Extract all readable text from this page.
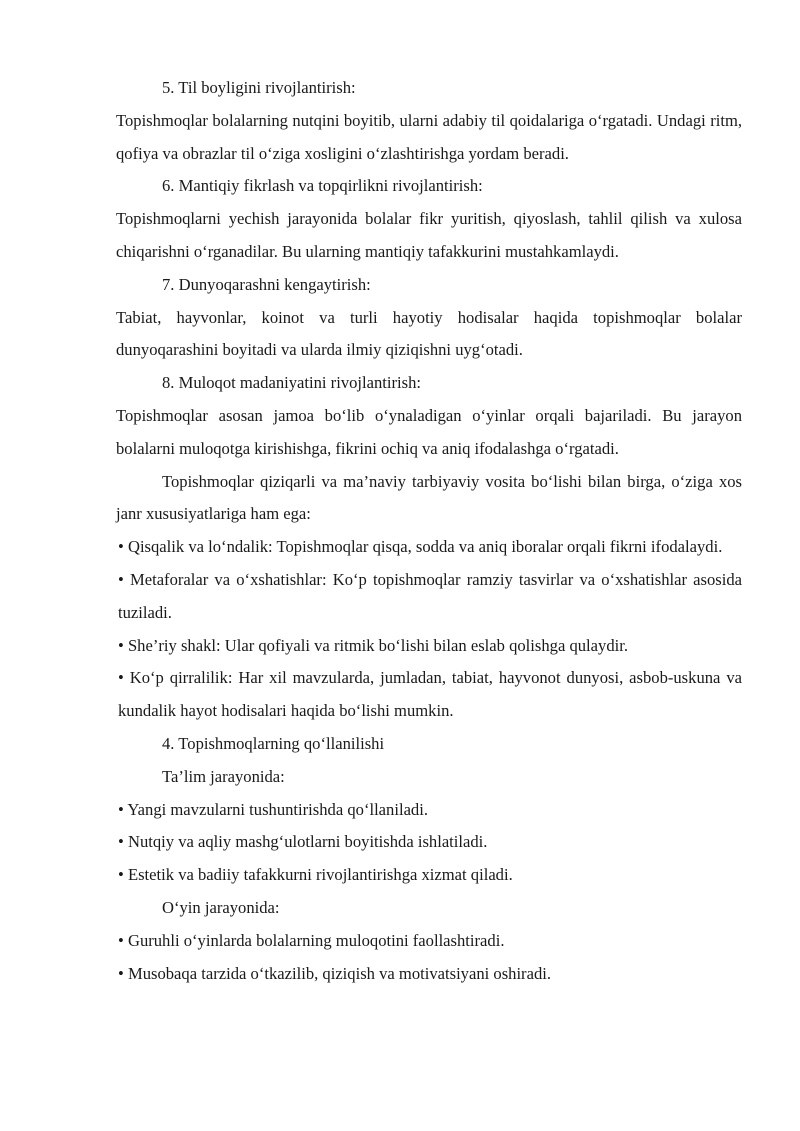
5. Til boyligini rivojlantirish:

Topishmoqlar bolalarning nutqini boyitib, ularni adabiy til qoidalariga o‘rgatadi. Undagi ritm, qofiya va obrazlar til o‘ziga xosligini o‘zlashtirishga yordam beradi.

6. Mantiqiy fikrlash va topqirlikni rivojlantirish:

Topishmoqlarni yechish jarayonida bolalar fikr yuritish, qiyoslash, tahlil qilish va xulosa chiqarishni o‘rganadilar. Bu ularning mantiqiy tafakkurini mustahkamlaydi.

7. Dunyoqarashni kengaytirish:

Tabiat, hayvonlar, koinot va turli hayotiy hodisalar haqida topishmoqlar bolalar dunyoqarashini boyitadi va ularda ilmiy qiziqishni uyg‘otadi.

8. Muloqot madaniyatini rivojlantirish:

Topishmoqlar asosan jamoa bo‘lib o‘ynaladigan o‘yinlar orqali bajariladi. Bu jarayon bolalarni muloqotga kirishishga, fikrini ochiq va aniq ifodalashga o‘rgatadi.

Topishmoqlar qiziqarli va ma’naviy tarbiyaviy vosita bo‘lishi bilan birga, o‘ziga xos janr xususiyatlariga ham ega:

• Qisqalik va lo‘ndalik: Topishmoqlar qisqa, sodda va aniq iboralar orqali fikrni ifodalaydi.

• Metaforalar va o‘xshatishlar: Ko‘p topishmoqlar ramziy tasvirlar va o‘xshatishlar asosida tuziladi.

• She’riy shakl: Ular qofiyali va ritmik bo‘lishi bilan eslab qolishga qulaydir.

• Ko‘p qirralilik: Har xil mavzularda, jumladan, tabiat, hayvonot dunyosi, asbob-uskuna va kundalik hayot hodisalari haqida bo‘lishi mumkin.

4. Topishmoqlarning qo‘llanilishi

Ta’lim jarayonida:

• Yangi mavzularni tushuntirishda qo‘llaniladi.

• Nutqiy va aqliy mashg‘ulotlarni boyitishda ishlatiladi.

• Estetik va badiiy tafakkurni rivojlantirishga xizmat qiladi.

O‘yin jarayonida:

• Guruhli o‘yinlarda bolalarning muloqotini faollashtiradi.

• Musobaqa tarzida o‘tkazilib, qiziqish va motivatsiyani oshiradi.
